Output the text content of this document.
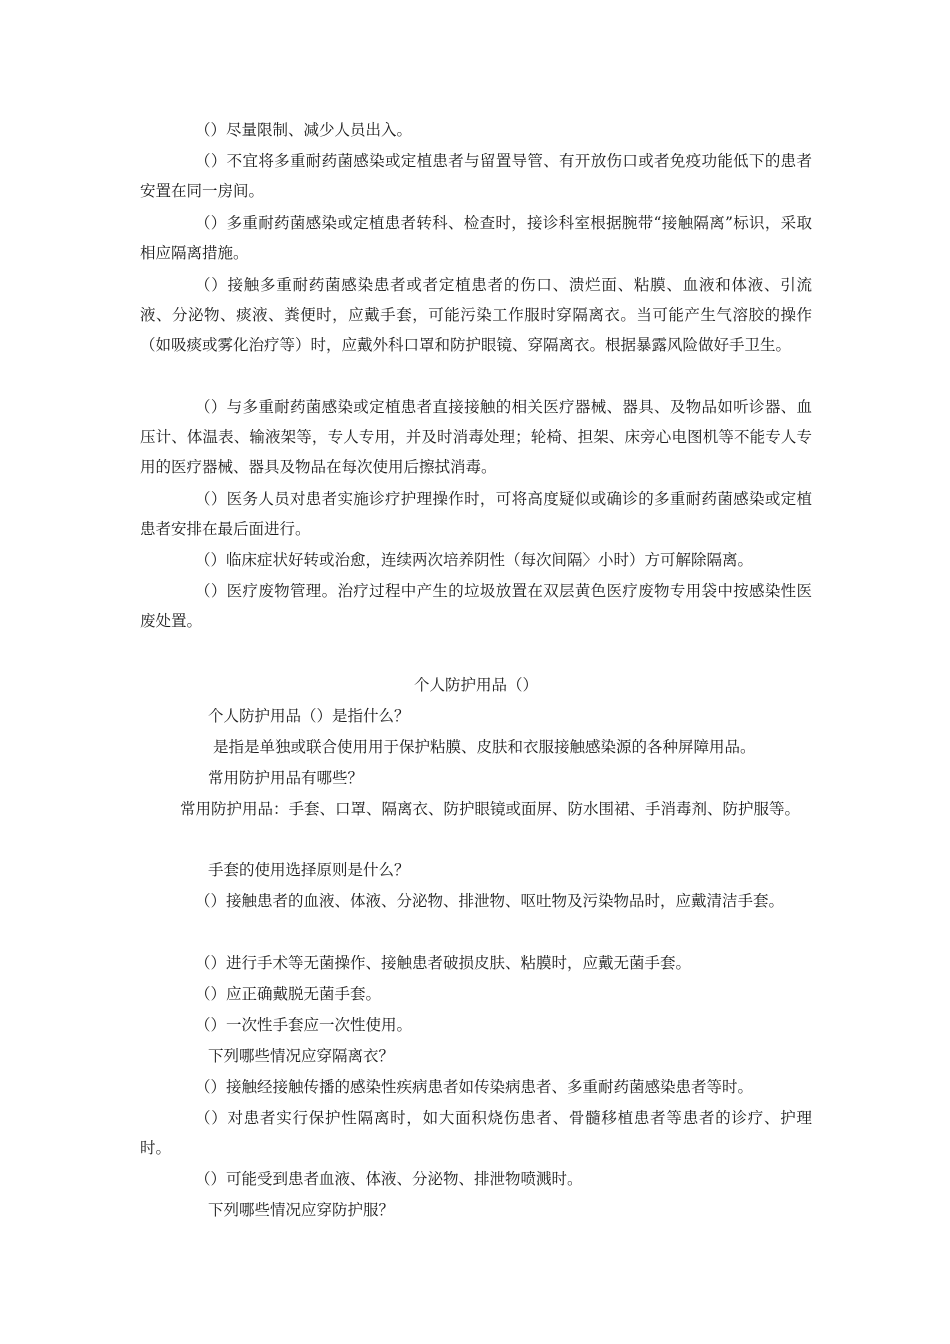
（）尽量限制、减少人员出入。

（）不宜将多重耐药菌感染或定植患者与留置导管、有开放伤口或者免疫功能低下的患者安置在同一房间。

（）多重耐药菌感染或定植患者转科、检查时，接诊科室根据腕带“接触隔离”标识，采取相应隔离措施。

（）接触多重耐药菌感染患者或者定植患者的伤口、溃烂面、粘膜、血液和体液、引流液、分泌物、痰液、粪便时，应戴手套，可能污染工作服时穿隔离衣。当可能产生气溶胶的操作（如吸痰或雾化治疗等）时，应戴外科口罩和防护眼镜、穿隔离衣。根据暴露风险做好手卫生。

（）与多重耐药菌感染或定植患者直接接触的相关医疗器械、器具、及物品如听诊器、血压计、体温表、输液架等，专人专用，并及时消毒处理；轮椅、担架、床旁心电图机等不能专人专用的医疗器械、器具及物品在每次使用后擦拭消毒。

（）医务人员对患者实施诊疗护理操作时，可将高度疑似或确诊的多重耐药菌感染或定植患者安排在最后面进行。

（）临床症状好转或治愈，连续两次培养阴性（每次间隔〉小时）方可解除隔离。

（）医疗废物管理。治疗过程中产生的垃圾放置在双层黄色医疗废物专用袋中按感染性医废处置。

个人防护用品（）

个人防护用品（）是指什么？

是指是单独或联合使用用于保护粘膜、皮肤和衣服接触感染源的各种屏障用品。

常用防护用品有哪些？

常用防护用品：手套、口罩、隔离衣、防护眼镜或面屏、防水围裙、手消毒剂、防护服等。

手套的使用选择原则是什么？

（）接触患者的血液、体液、分泌物、排泄物、呕吐物及污染物品时，应戴清洁手套。

（）进行手术等无菌操作、接触患者破损皮肤、粘膜时，应戴无菌手套。

（）应正确戴脱无菌手套。

（）一次性手套应一次性使用。

下列哪些情况应穿隔离衣？

（）接触经接触传播的感染性疾病患者如传染病患者、多重耐药菌感染患者等时。

（）对患者实行保护性隔离时，如大面积烧伤患者、骨髓移植患者等患者的诊疗、护理时。

（）可能受到患者血液、体液、分泌物、排泄物喷溅时。

下列哪些情况应穿防护服？
